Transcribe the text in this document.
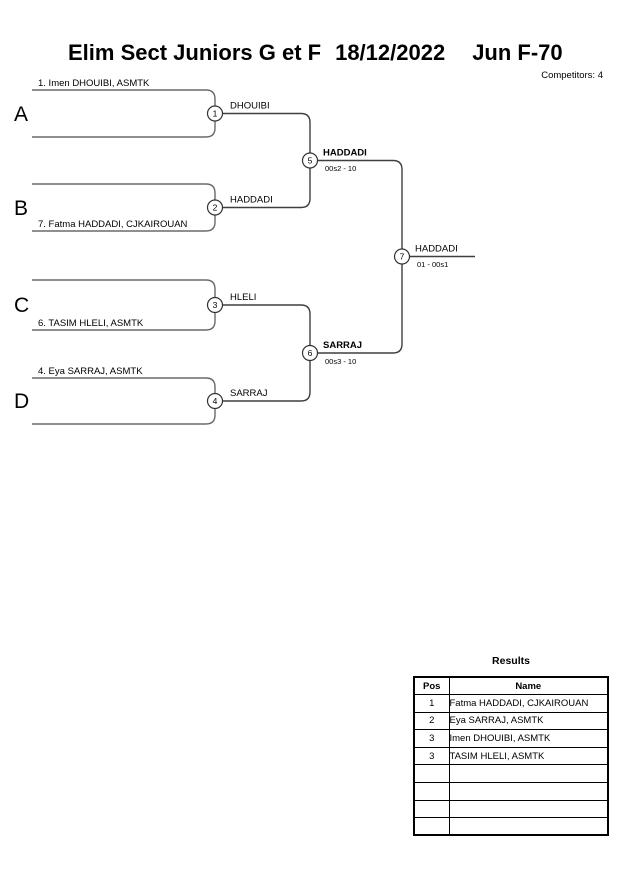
Elim Sect Juniors G et F 18/12/2022 Jun F-70
Competitors: 4
A
B
C
D
1. Imen DHOUIBI, ASMTK
7. Fatma HADDADI, CJKAIROUAN
6. TASIM HLELI, ASMTK
4. Eya SARRAJ, ASMTK
DHOUIBI
HADDADI
HLELI
SARRAJ
HADDADI
00s2 - 10
SARRAJ
00s3 - 10
HADDADI
01 - 00s1
1
2
3
4
5
6
7
Results
Pos	Name
1	Fatma HADDADI, CJKAIROUAN
2	Eya SARRAJ, ASMTK
3	Imen DHOUIBI, ASMTK
3	TASIM HLELI, ASMTK
